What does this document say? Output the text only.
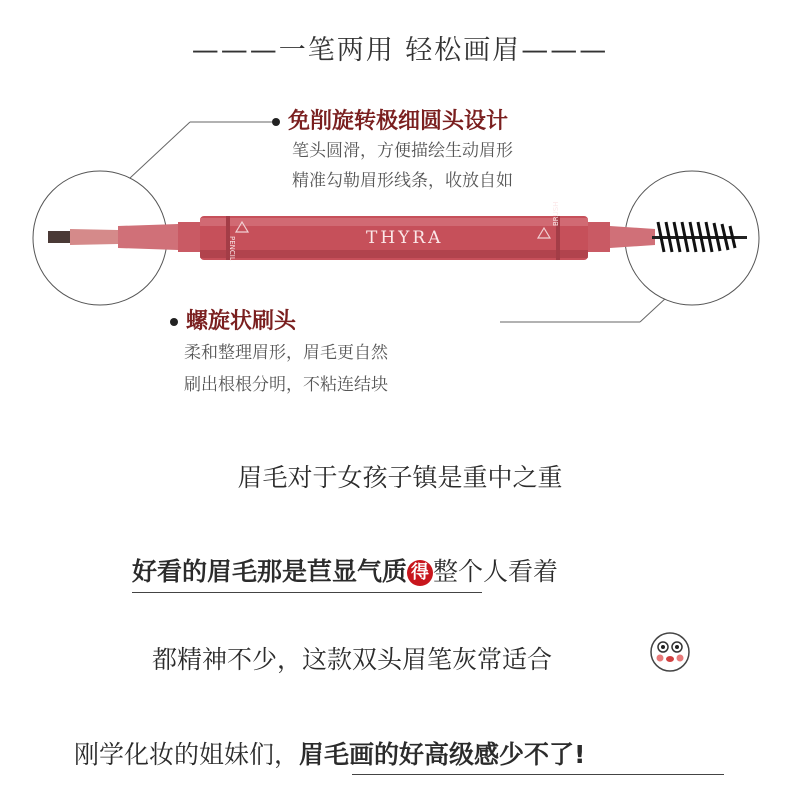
———一笔两用 轻松画眉———
免削旋转极细圆头设计
笔头圆滑，方便描绘生动眉形
精准勾勒眉形线条，收放自如
THYRA
PENCIL
BRUSH
螺旋状刷头
柔和整理眉形，眉毛更自然
刷出根根分明，不粘连结块
眉毛对于女孩子镇是重中之重
好看的眉毛那是苣显气质 得 整个人看着
都精神不少，这款双头眉笔灰常适合
刚学化妆的姐妹们，眉毛画的好高级感少不了!
